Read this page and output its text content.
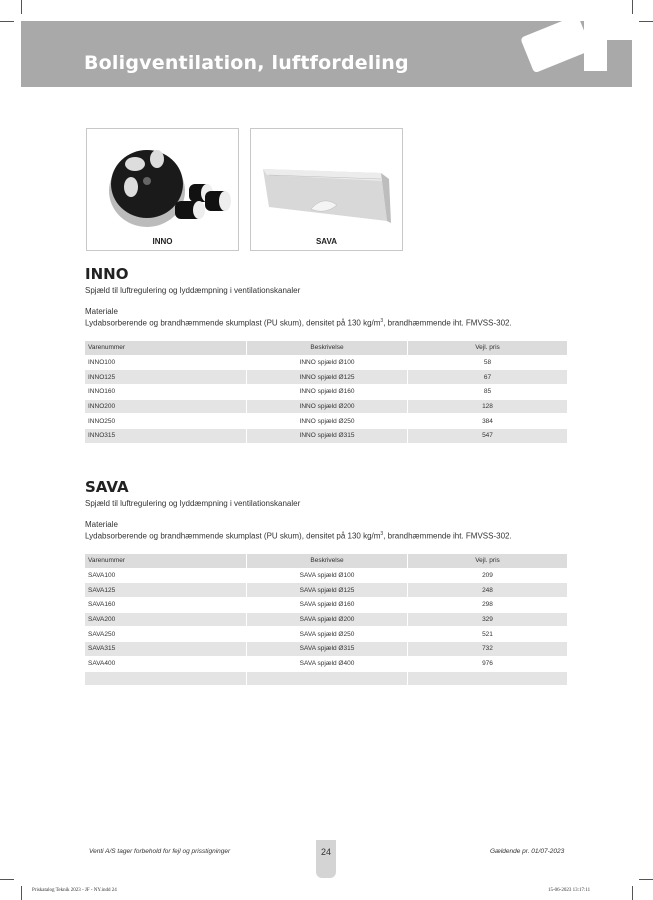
Boligventilation, luftfordeling
INNO	SAVA
INNO
Spjæld til luftregulering og lyddæmpning i ventilationskanaler
Materiale
Lydabsorberende og brandhæmmende skumplast (PU skum), densitet på 130 $kg/m^3$, brandhæmmende iht. FMVSS-302.
Varenummer	Beskrivelse	Vejl. pris
INNO100	INNO spjæld Ø100	58
INNO125	INNO spjæld Ø125	67
INNO160	INNO spjæld Ø160	85
INNO200	INNO spjæld Ø200	128
INNO250	INNO spjæld Ø250	384
INNO315	INNO spjæld Ø315	547
SAVA
Spjæld til luftregulering og lyddæmpning i ventilationskanaler
Materiale
Lydabsorberende og brandhæmmende skumplast (PU skum), densitet på 130 $kg/m^3$, brandhæmmende iht. FMVSS-302.
Varenummer	Beskrivelse	Vejl. pris
SAVA100	SAVA spjæld Ø100	209
SAVA125	SAVA spjæld Ø125	248
SAVA160	SAVA spjæld Ø160	298
SAVA200	SAVA spjæld Ø200	329
SAVA250	SAVA spjæld Ø250	521
SAVA315	SAVA spjæld Ø315	732
SAVA400	SAVA spjæld Ø400	976

Venti A/S tager forbehold for fejl og prisstigninger	24	Gældende pr. 01/07-2023
Priskatalog Teknik 2023 - JF - NY.indd 24	15-06-2023 13:17:11
